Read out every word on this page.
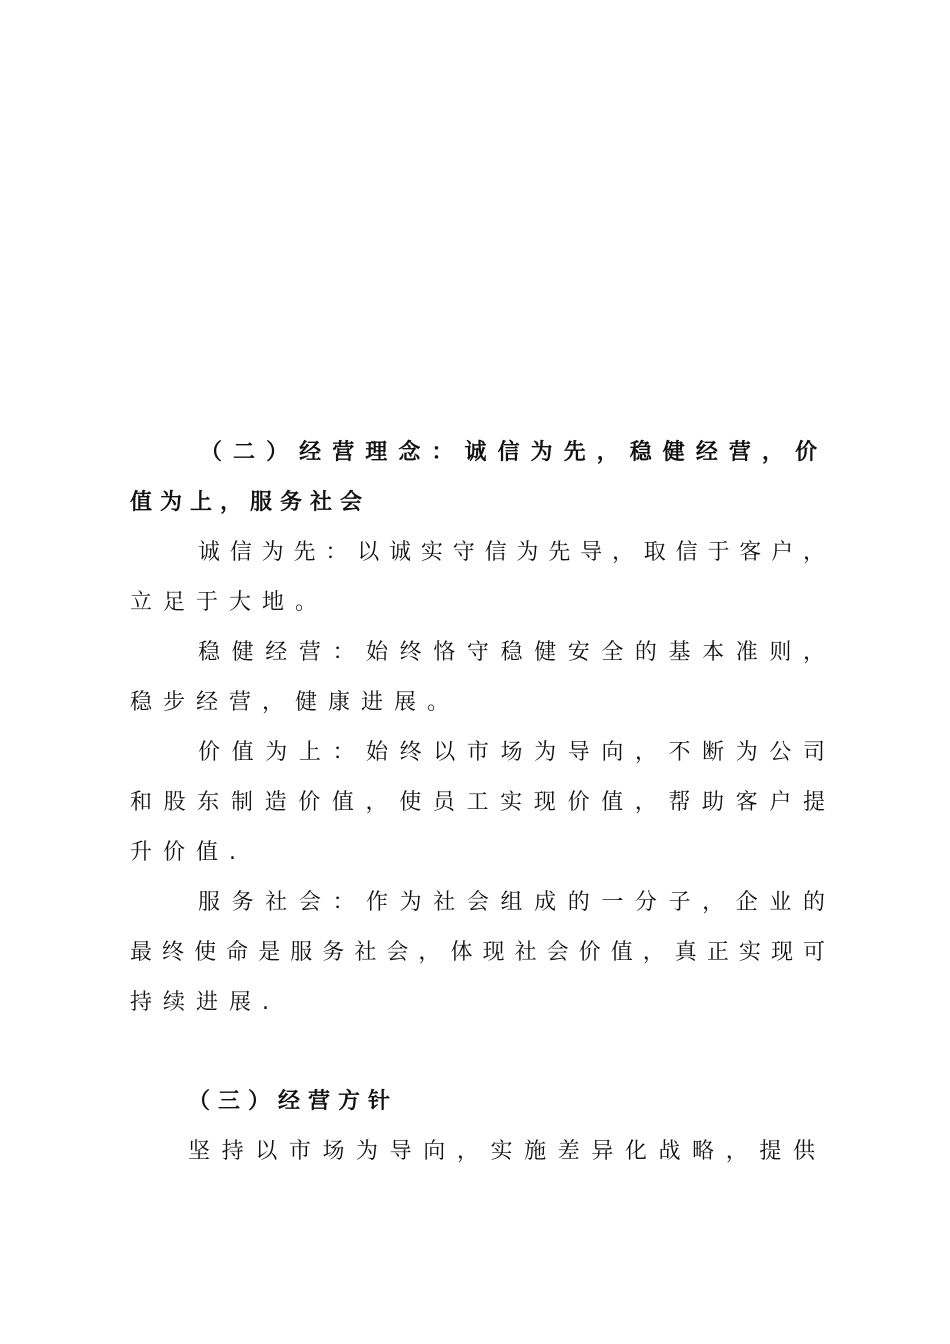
（二）经营理念：诚信为先，稳健经营，价
值为上，服务社会
诚信为先：以诚实守信为先导，取信于客户，
立足于大地。
稳健经营：始终恪守稳健安全的基本准则，
稳步经营，健康进展。
价值为上：始终以市场为导向，不断为公司
和股东制造价值，使员工实现价值，帮助客户提
升价值.
服务社会：作为社会组成的一分子，企业的
最终使命是服务社会，体现社会价值，真正实现可
持续进展.
（三）经营方针
坚持以市场为导向，实施差异化战略，提供
